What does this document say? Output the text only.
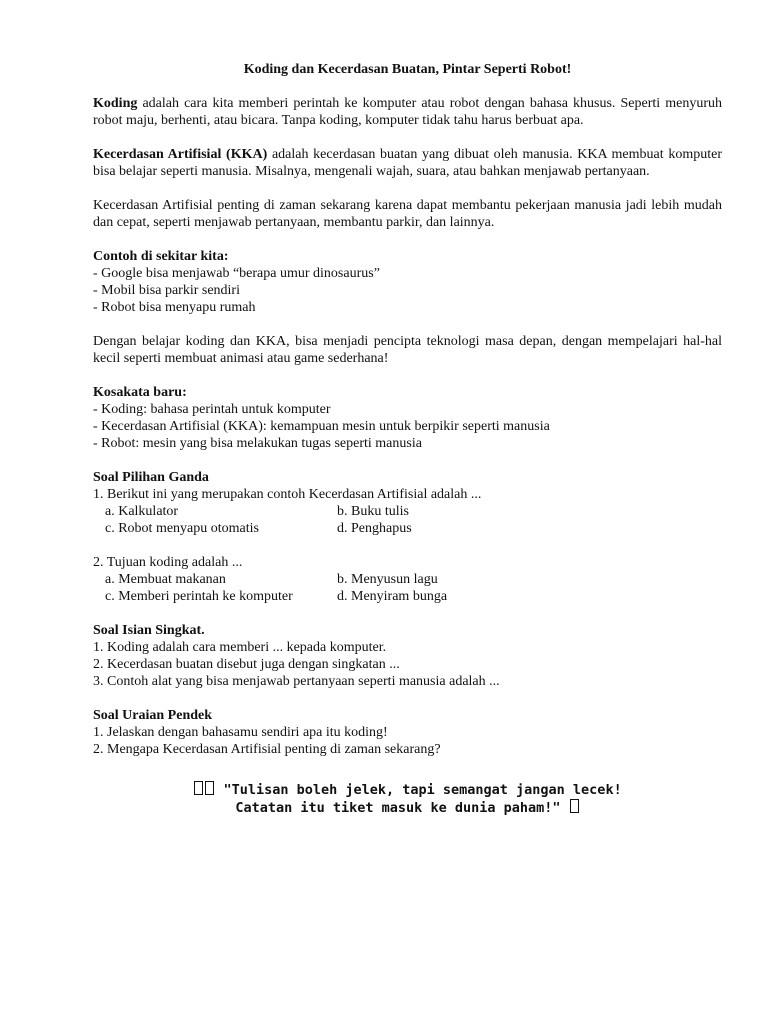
Koding dan Kecerdasan Buatan, Pintar Seperti Robot!

Koding adalah cara kita memberi perintah ke komputer atau robot dengan bahasa khusus. Seperti menyuruh robot maju, berhenti, atau bicara. Tanpa koding, komputer tidak tahu harus berbuat apa.

Kecerdasan Artifisial (KKA) adalah kecerdasan buatan yang dibuat oleh manusia. KKA membuat komputer bisa belajar seperti manusia. Misalnya, mengenali wajah, suara, atau bahkan menjawab pertanyaan.

Kecerdasan Artifisial penting di zaman sekarang karena dapat membantu pekerjaan manusia jadi lebih mudah dan cepat, seperti menjawab pertanyaan, membantu parkir, dan lainnya.

Contoh di sekitar kita:
- Google bisa menjawab “berapa umur dinosaurus”
- Mobil bisa parkir sendiri
- Robot bisa menyapu rumah

Dengan belajar koding dan KKA, bisa menjadi pencipta teknologi masa depan, dengan mempelajari hal-hal kecil seperti membuat animasi atau game sederhana!

Kosakata baru:
- Koding: bahasa perintah untuk komputer
- Kecerdasan Artifisial (KKA): kemampuan mesin untuk berpikir seperti manusia
- Robot: mesin yang bisa melakukan tugas seperti manusia
Soal Pilihan Ganda
1. Berikut ini yang merupakan contoh Kecerdasan Artifisial adalah ...
a. Kalkulator	b. Buku tulis
c. Robot menyapu otomatis	d. Penghapus

2. Tujuan koding adalah ...
a. Membuat makanan	b. Menyusun lagu
c. Memberi perintah ke komputer	d. Menyiram bunga
Soal Isian Singkat.
1. Koding adalah cara memberi ... kepada komputer.
2. Kecerdasan buatan disebut juga dengan singkatan ...
3. Contoh alat yang bisa menjawab pertanyaan seperti manusia adalah ...
Soal Uraian Pendek
1. Jelaskan dengan bahasamu sendiri apa itu koding!
2. Mengapa Kecerdasan Artifisial penting di zaman sekarang?
"Tulisan boleh jelek, tapi semangat jangan lecek!
Catatan itu tiket masuk ke dunia paham!"
